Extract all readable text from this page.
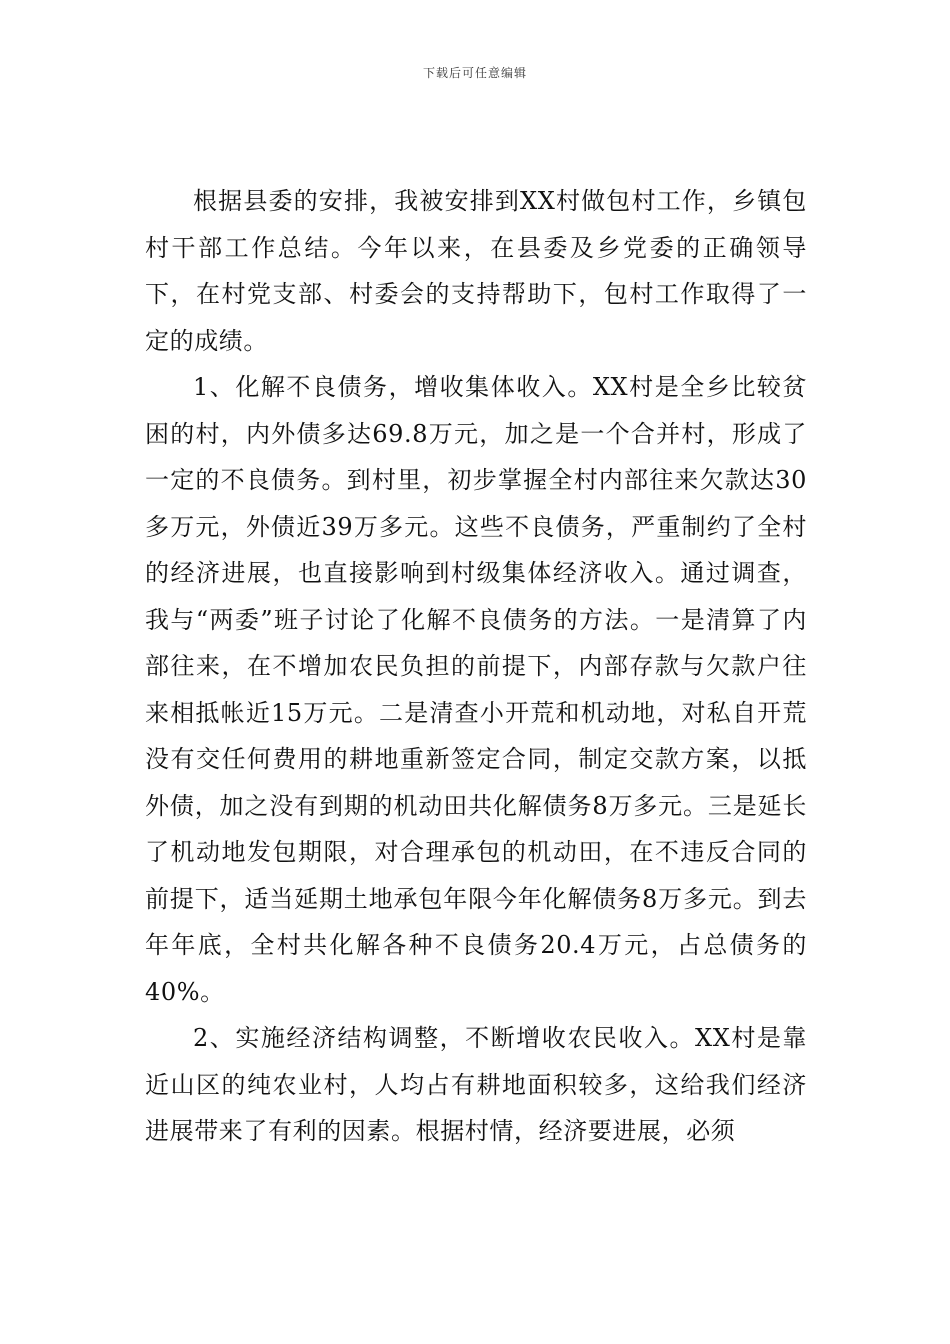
下载后可任意编辑

根据县委的安排，我被安排到XX村做包村工作，乡镇包村干部工作总结。今年以来，在县委及乡党委的正确领导下，在村党支部、村委会的支持帮助下，包村工作取得了一定的成绩。

1、化解不良债务，增收集体收入。XX村是全乡比较贫困的村，内外债多达69.8万元，加之是一个合并村，形成了一定的不良债务。到村里，初步掌握全村内部往来欠款达30多万元，外债近39万多元。这些不良债务，严重制约了全村的经济进展，也直接影响到村级集体经济收入。通过调查，我与“两委”班子讨论了化解不良债务的方法。一是清算了内部往来，在不增加农民负担的前提下，内部存款与欠款户往来相抵帐近15万元。二是清查小开荒和机动地，对私自开荒没有交任何费用的耕地重新签定合同，制定交款方案，以抵外债，加之没有到期的机动田共化解债务8万多元。三是延长了机动地发包期限，对合理承包的机动田，在不违反合同的前提下，适当延期土地承包年限今年化解债务8万多元。到去年年底，全村共化解各种不良债务20.4万元，占总债务的40%。

2、实施经济结构调整，不断增收农民收入。XX村是靠近山区的纯农业村，人均占有耕地面积较多，这给我们经济进展带来了有利的因素。根据村情，经济要进展，必须
